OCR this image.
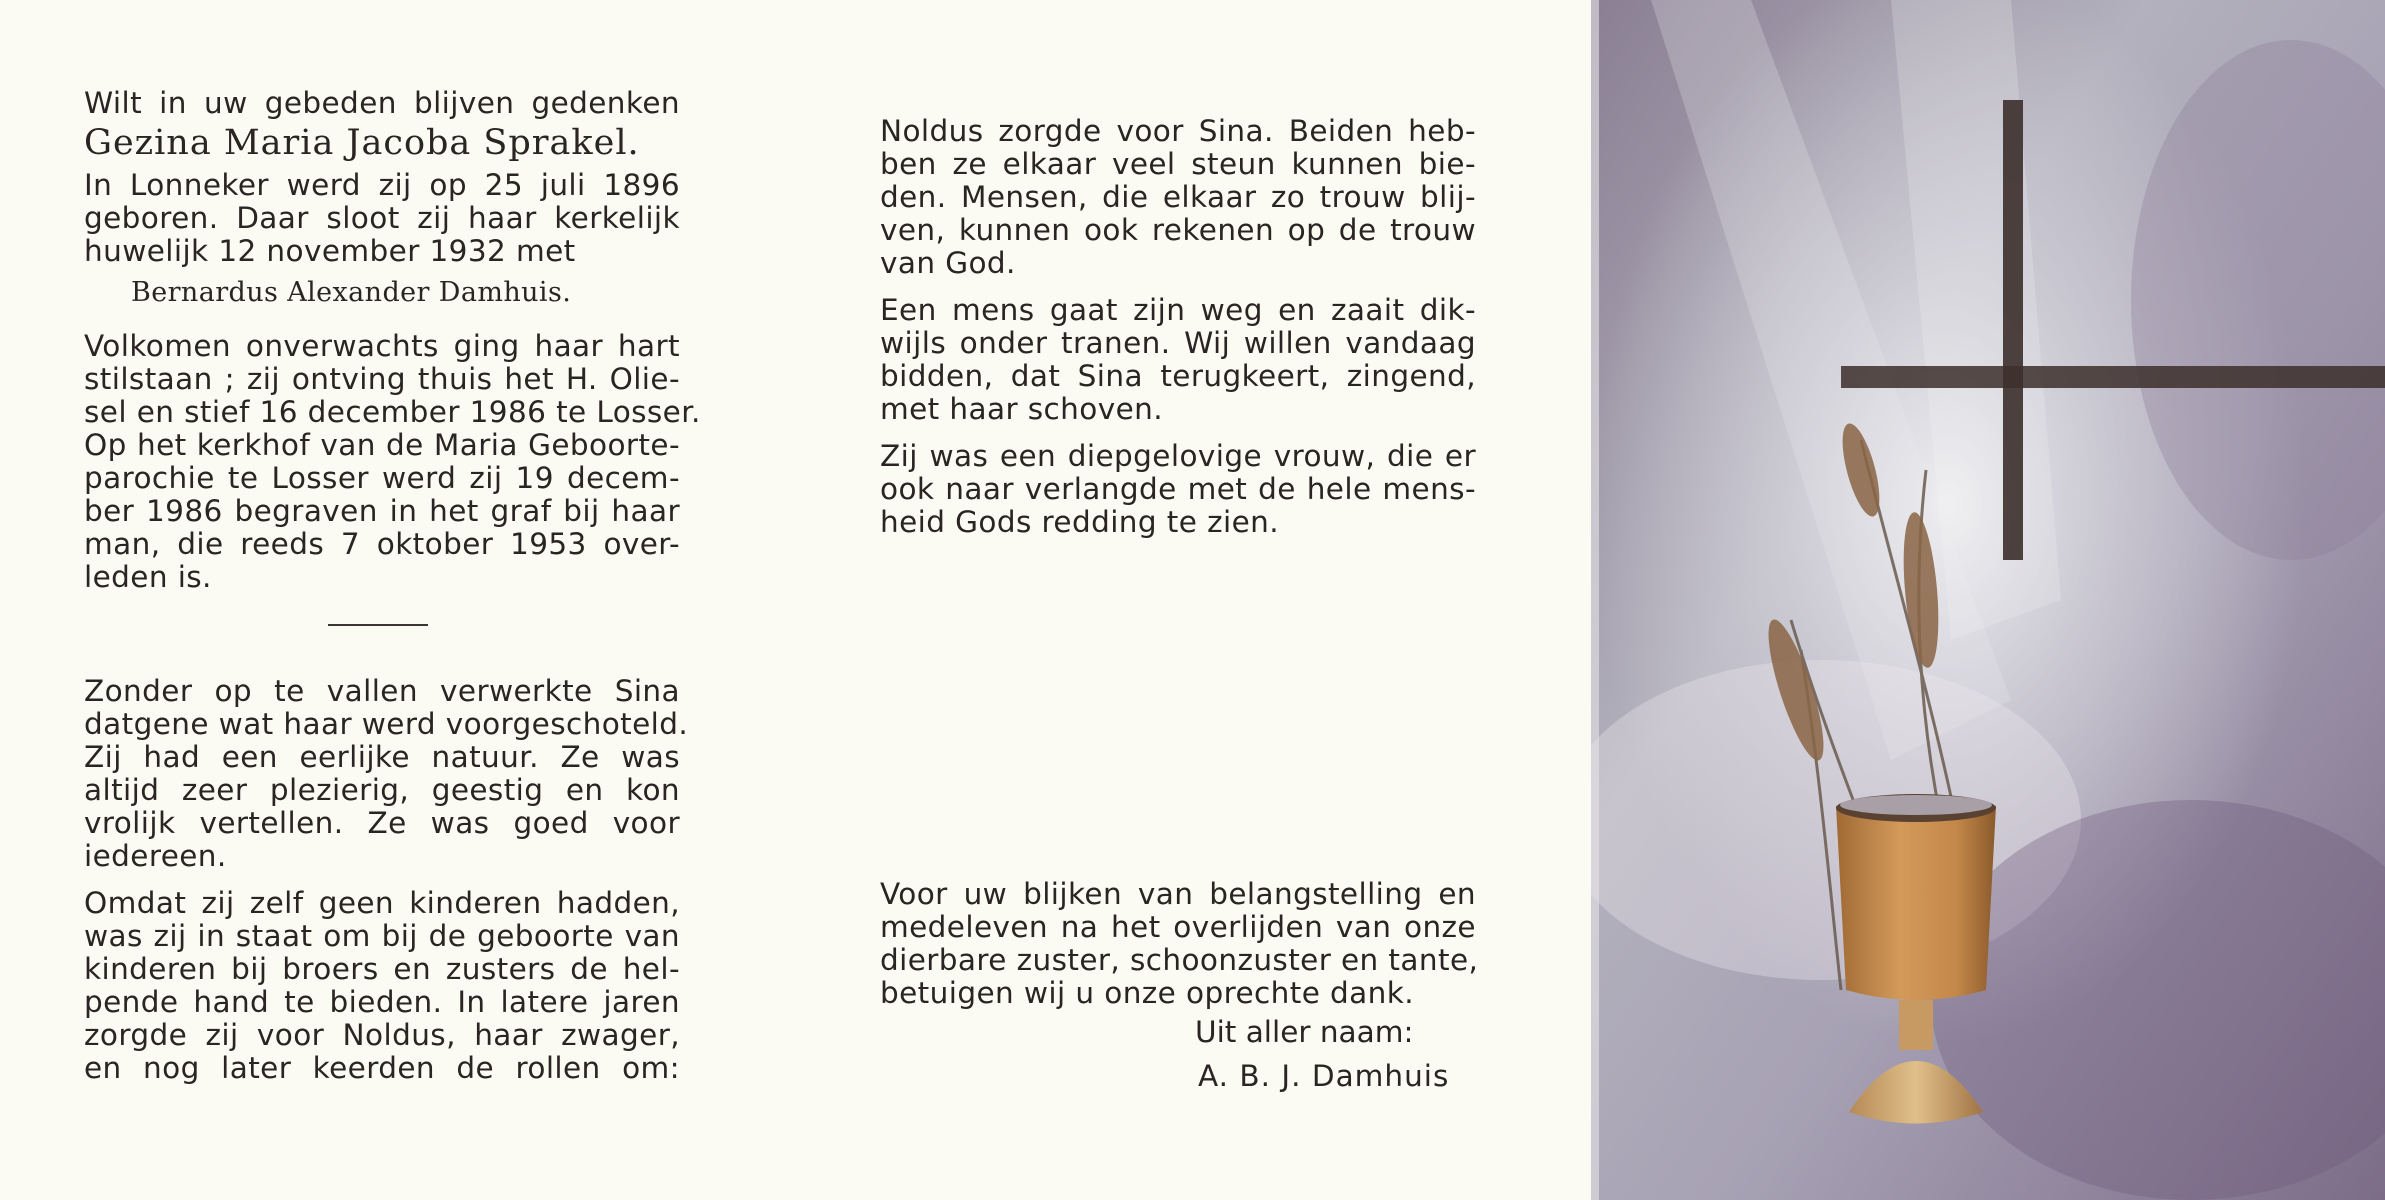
Wilt in uw gebeden blijven gedenken
Gezina Maria Jacoba Sprakel.

In Lonneker werd zij op 25 juli 1896
geboren. Daar sloot zij haar kerkelijk
huwelijk 12 november 1932 met

Bernardus Alexander Damhuis.

Volkomen onverwachts ging haar hart
stilstaan ; zij ontving thuis het H. Olie-
sel en stief 16 december 1986 te Losser.
Op het kerkhof van de Maria Geboorte-
parochie te Losser werd zij 19 decem-
ber 1986 begraven in het graf bij haar
man, die reeds 7 oktober 1953 over-
leden is.

Zonder op te vallen verwerkte Sina
datgene wat haar werd voorgeschoteld.
Zij had een eerlijke natuur. Ze was
altijd zeer plezierig, geestig en kon
vrolijk vertellen. Ze was goed voor
iedereen.

Omdat zij zelf geen kinderen hadden,
was zij in staat om bij de geboorte van
kinderen bij broers en zusters de hel-
pende hand te bieden. In latere jaren
zorgde zij voor Noldus, haar zwager,
en nog later keerden de rollen om:

Noldus zorgde voor Sina. Beiden heb-
ben ze elkaar veel steun kunnen bie-
den. Mensen, die elkaar zo trouw blij-
ven, kunnen ook rekenen op de trouw
van God.

Een mens gaat zijn weg en zaait dik-
wijls onder tranen. Wij willen vandaag
bidden, dat Sina terugkeert, zingend,
met haar schoven.

Zij was een diepgelovige vrouw, die er
ook naar verlangde met de hele mens-
heid Gods redding te zien.

Voor uw blijken van belangstelling en
medeleven na het overlijden van onze
dierbare zuster, schoonzuster en tante,
betuigen wij u onze oprechte dank.
Uit aller naam:
A. B. J. Damhuis
